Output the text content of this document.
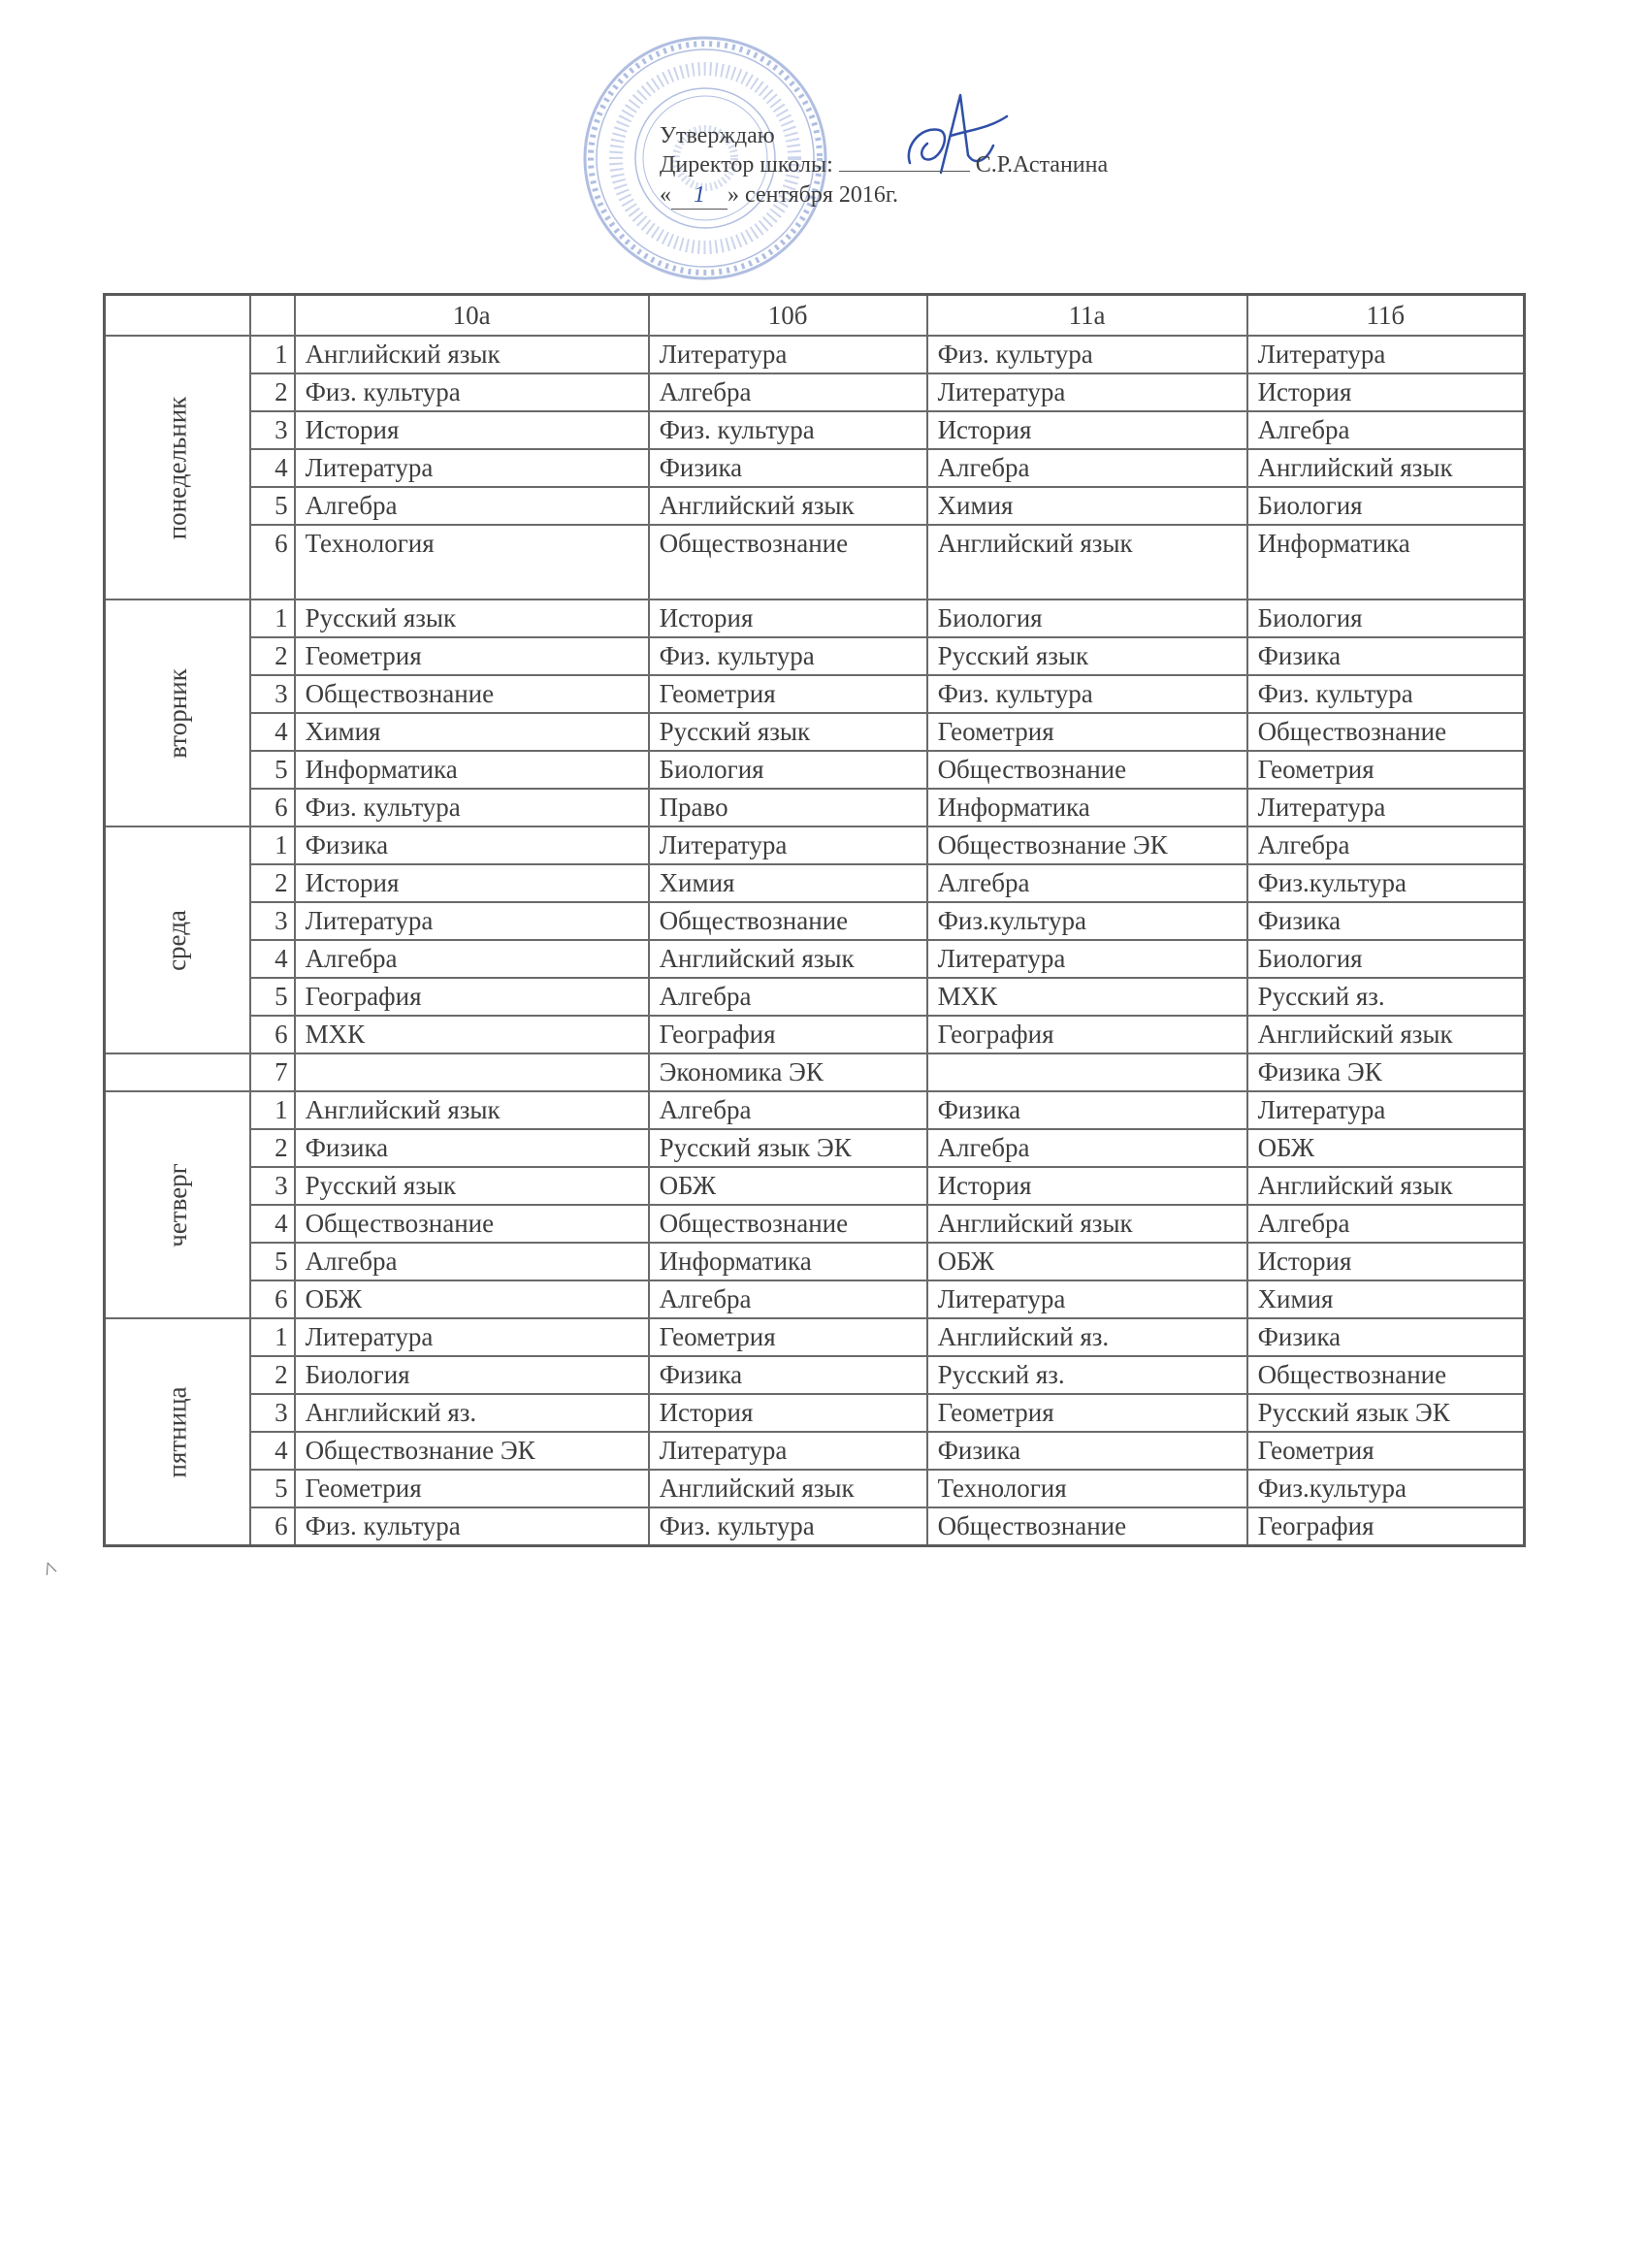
Утверждаю
Директор школы:	С.Р.Астанина
« 1 » сентября 2016г.
		10а	10б	11а	11б
понедельник	1	Английский язык	Литература	Физ. культура	Литература
	2	Физ. культура	Алгебра	Литература	История
	3	История	Физ. культура	История	Алгебра
	4	Литература	Физика	Алгебра	Английский язык
	5	Алгебра	Английский язык	Химия	Биология
	6	Технология	Обществознание	Английский язык	Информатика
вторник	1	Русский язык	История	Биология	Биология
	2	Геометрия	Физ. культура	Русский язык	Физика
	3	Обществознание	Геометрия	Физ. культура	Физ. культура
	4	Химия	Русский язык	Геометрия	Обществознание
	5	Информатика	Биология	Обществознание	Геометрия
	6	Физ. культура	Право	Информатика	Литература
среда	1	Физика	Литература	Обществознание ЭК	Алгебра
	2	История	Химия	Алгебра	Физ.культура
	3	Литература	Обществознание	Физ.культура	Физика
	4	Алгебра	Английский язык	Литература	Биология
	5	География	Алгебра	МХК	Русский яз.
	6	МХК	География	География	Английский язык
	7		Экономика ЭК		Физика ЭК
четверг	1	Английский язык	Алгебра	Физика	Литература
	2	Физика	Русский язык ЭК	Алгебра	ОБЖ
	3	Русский язык	ОБЖ	История	Английский язык
	4	Обществознание	Обществознание	Английский язык	Алгебра
	5	Алгебра	Информатика	ОБЖ	История
	6	ОБЖ	Алгебра	Литература	Химия
пятница	1	Литература	Геометрия	Английский яз.	Физика
	2	Биология	Физика	Русский яз.	Обществознание
	3	Английский яз.	История	Геометрия	Русский язык ЭК
	4	Обществознание ЭК	Литература	Физика	Геометрия
	5	Геометрия	Английский язык	Технология	Физ.культура
	6	Физ. культура	Физ. культура	Обществознание	География
^
